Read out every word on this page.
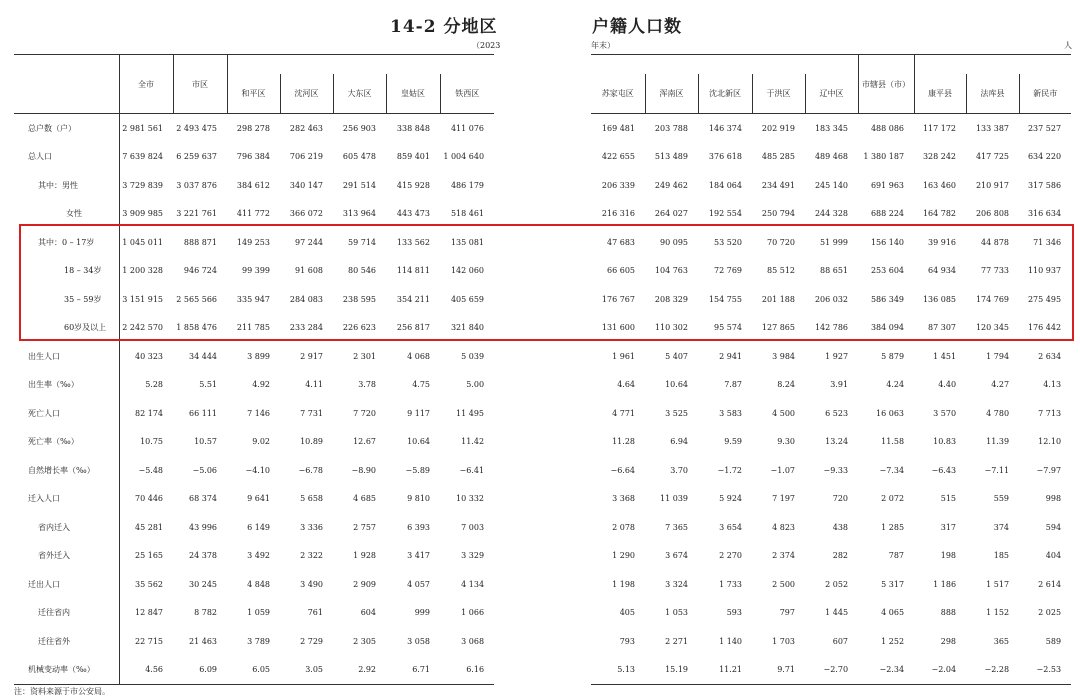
14-2 分地区	户籍人口数
（2023	年末）	人
	全市	市区					
			和平区	沈河区	大东区	皇姑区	铁西区
总户数（户）	2 981 561	2 493 475	298 278	282 463	256 903	338 848	411 076
总人口	7 639 824	6 259 637	796 384	706 219	605 478	859 401	1 004 640
其中：男性	3 729 839	3 037 876	384 612	340 147	291 514	415 928	486 179
女性	3 909 985	3 221 761	411 772	366 072	313 964	443 473	518 461
其中：0 – 17岁	1 045 011	888 871	149 253	97 244	59 714	133 562	135 081
18 – 34岁	1 200 328	946 724	99 399	91 608	80 546	114 811	142 060
35 – 59岁	3 151 915	2 565 566	335 947	284 083	238 595	354 211	405 659
60岁及以上	2 242 570	1 858 476	211 785	233 284	226 623	256 817	321 840
出生人口	40 323	34 444	3 899	2 917	2 301	4 068	5 039
出生率（‰）	5.28	5.51	4.92	4.11	3.78	4.75	5.00
死亡人口	82 174	66 111	7 146	7 731	7 720	9 117	11 495
死亡率（‰）	10.75	10.57	9.02	10.89	12.67	10.64	11.42
自然增长率（‰）	−5.48	−5.06	−4.10	−6.78	−8.90	−5.89	−6.41
迁入人口	70 446	68 374	9 641	5 658	4 685	9 810	10 332
省内迁入	45 281	43 996	6 149	3 336	2 757	6 393	7 003
省外迁入	25 165	24 378	3 492	2 322	1 928	3 417	3 329
迁出人口	35 562	30 245	4 848	3 490	2 909	4 057	4 134
迁往省内	12 847	8 782	1 059	761	604	999	1 066
迁往省外	22 715	21 463	3 789	2 729	2 305	3 058	3 068
机械变动率（‰）	4.56	6.09	6.05	3.05	2.92	6.71	6.16
					市辖县（市）			
苏家屯区	浑南区	沈北新区	于洪区	辽中区		康平县	法库县	新民市
169 481	203 788	146 374	202 919	183 345	488 086	117 172	133 387	237 527
422 655	513 489	376 618	485 285	489 468	1 380 187	328 242	417 725	634 220
206 339	249 462	184 064	234 491	245 140	691 963	163 460	210 917	317 586
216 316	264 027	192 554	250 794	244 328	688 224	164 782	206 808	316 634
47 683	90 095	53 520	70 720	51 999	156 140	39 916	44 878	71 346
66 605	104 763	72 769	85 512	88 651	253 604	64 934	77 733	110 937
176 767	208 329	154 755	201 188	206 032	586 349	136 085	174 769	275 495
131 600	110 302	95 574	127 865	142 786	384 094	87 307	120 345	176 442
1 961	5 407	2 941	3 984	1 927	5 879	1 451	1 794	2 634
4.64	10.64	7.87	8.24	3.91	4.24	4.40	4.27	4.13
4 771	3 525	3 583	4 500	6 523	16 063	3 570	4 780	7 713
11.28	6.94	9.59	9.30	13.24	11.58	10.83	11.39	12.10
−6.64	3.70	−1.72	−1.07	−9.33	−7.34	−6.43	−7.11	−7.97
3 368	11 039	5 924	7 197	720	2 072	515	559	998
2 078	7 365	3 654	4 823	438	1 285	317	374	594
1 290	3 674	2 270	2 374	282	787	198	185	404
1 198	3 324	1 733	2 500	2 052	5 317	1 186	1 517	2 614
405	1 053	593	797	1 445	4 065	888	1 152	2 025
793	2 271	1 140	1 703	607	1 252	298	365	589
5.13	15.19	11.21	9.71	−2.70	−2.34	−2.04	−2.28	−2.53
注：资料来源于市公安局。
